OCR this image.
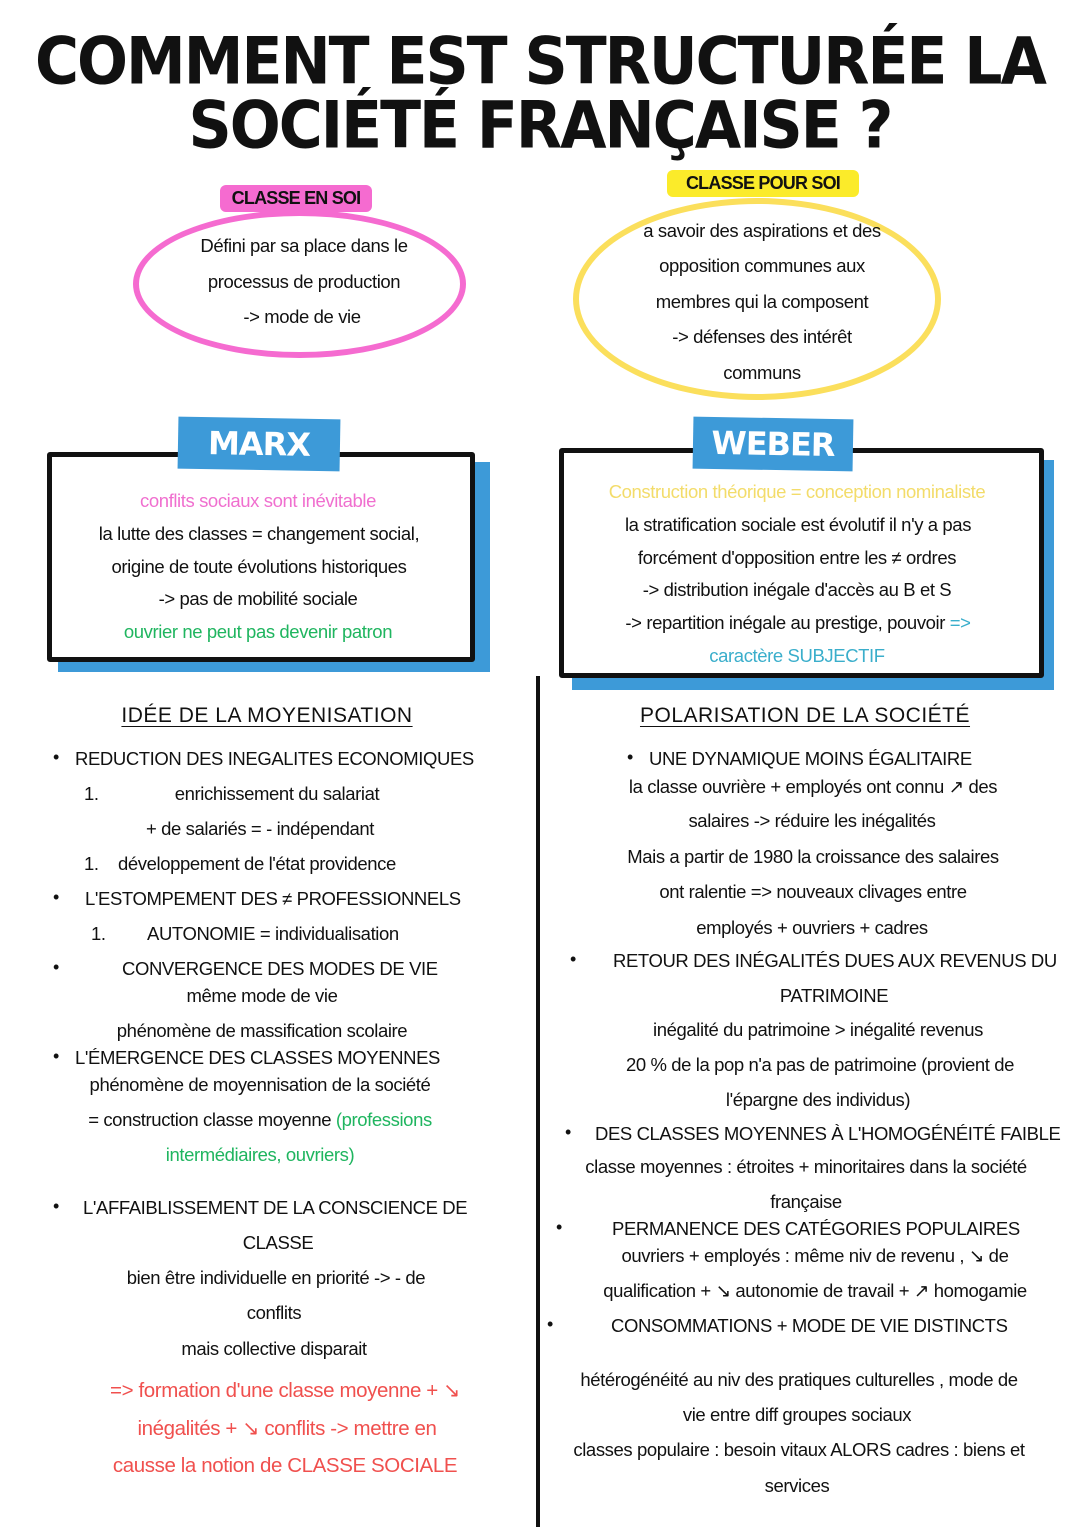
COMMENT EST STRUCTURÉE LA
SOCIÉTÉ FRANÇAISE ?
CLASSE EN SOI
Défini par sa place dans le
processus de production
-> mode de vie
CLASSE POUR SOI
a savoir des aspirations et des
opposition communes aux
membres qui la composent
-> défenses des intérêt
communs
MARX
conflits sociaux sont inévitable
la lutte des classes = changement social,
origine de toute évolutions historiques
-> pas de mobilité sociale
ouvrier ne peut pas devenir patron
WEBER
Construction théorique = conception nominaliste
la stratification sociale est évolutif il n'y a pas
forcément d'opposition entre les ≠ ordres
-> distribution inégale d'accès au B et S
-> repartition inégale au prestige, pouvoir =>
caractère SUBJECTIF
IDÉE DE LA MOYENISATION
• REDUCTION DES INEGALITES ECONOMIQUES
1.	enrichissement du salariat
+ de salariés = - indépendant
1. développement de l'état providence
• L'ESTOMPEMENT DES ≠ PROFESSIONNELS
1. AUTONOMIE = individualisation
•	CONVERGENCE DES MODES DE VIE
même mode de vie
phénomène de massification scolaire
• L'ÉMERGENCE DES CLASSES MOYENNES
phénomène de moyennisation de la société
= construction classe moyenne (professions
intermédiaires, ouvriers)
• L'AFFAIBLISSEMENT DE LA CONSCIENCE DE
CLASSE
bien être individuelle en priorité -> - de
conflits
mais collective disparait
=> formation d'une classe moyenne + ↘
inégalités + ↘ conflits -> mettre en
causse la notion de CLASSE SOCIALE
POLARISATION DE LA SOCIÉTÉ
• UNE DYNAMIQUE MOINS ÉGALITAIRE
la classe ouvrière + employés ont connu ↗ des
salaires -> réduire les inégalités
Mais a partir de 1980 la croissance des salaires
ont ralentie => nouveaux clivages entre
employés + ouvriers + cadres
• RETOUR DES INÉGALITÉS DUES AUX REVENUS DU
PATRIMOINE
inégalité du patrimoine > inégalité revenus
20 % de la pop n'a pas de patrimoine (provient de
l'épargne des individus)
• DES CLASSES MOYENNES À L'HOMOGÉNÉITÉ FAIBLE
classe moyennes : étroites + minoritaires dans la société
française
•	PERMANENCE DES CATÉGORIES POPULAIRES
ouvriers + employés : même niv de revenu , ↘ de
qualification + ↘ autonomie de travail + ↗ homogamie
•	CONSOMMATIONS + MODE DE VIE DISTINCTS
hétérogénéité au niv des pratiques culturelles , mode de
vie entre diff groupes sociaux
classes populaire : besoin vitaux ALORS cadres : biens et
services
